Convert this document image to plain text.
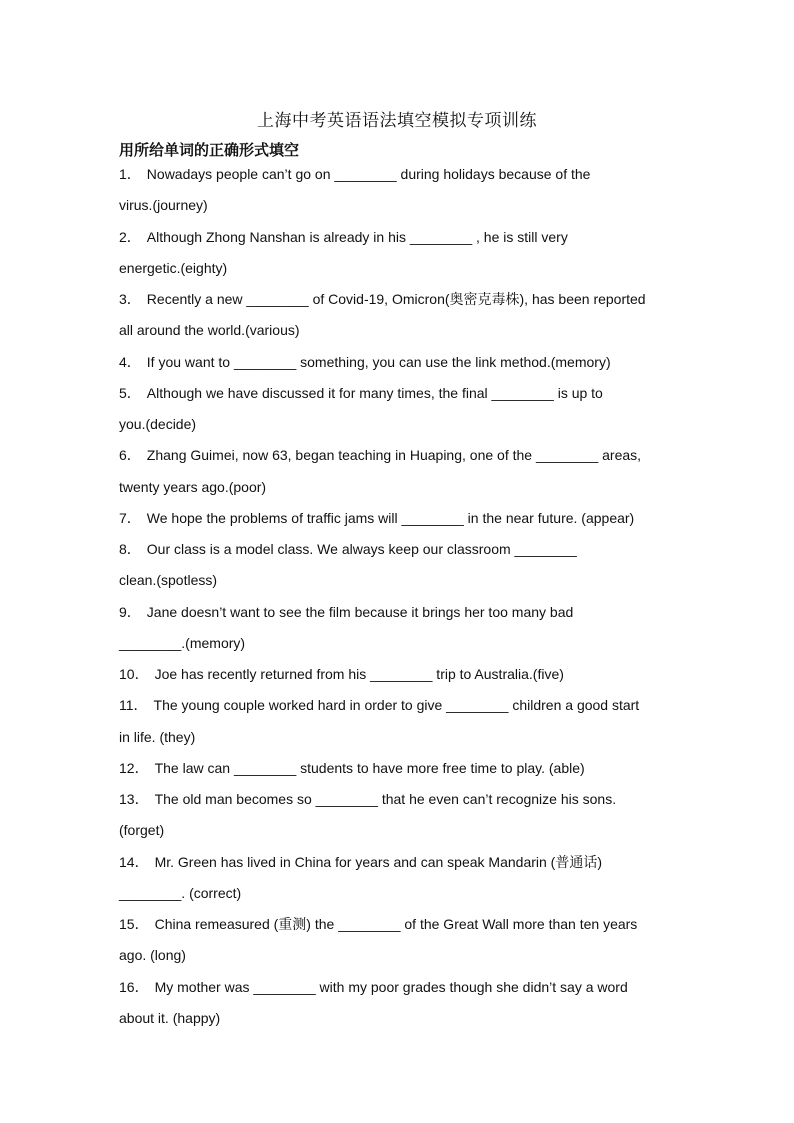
上海中考英语语法填空模拟专项训练
用所给单词的正确形式填空
1． Nowadays people can’t go on ________ during holidays because of the
virus.(journey)
2． Although Zhong Nanshan is already in his ________ , he is still very
energetic.(eighty)
3． Recently a new ________ of Covid-19, Omicron(奥密克毒株), has been reported
all around the world.(various)
4． If you want to ________ something, you can use the link method.(memory)
5． Although we have discussed it for many times, the final ________ is up to
you.(decide)
6． Zhang Guimei, now 63, began teaching in Huaping, one of the ________ areas,
twenty years ago.(poor)
7． We hope the problems of traffic jams will ________ in the near future. (appear)
8． Our class is a model class. We always keep our classroom ________
clean.(spotless)
9． Jane doesn’t want to see the film because it brings her too many bad
________.(memory)
10． Joe has recently returned from his ________ trip to Australia.(five)
11． The young couple worked hard in order to give ________ children a good start
in life. (they)
12． The law can ________ students to have more free time to play. (able)
13． The old man becomes so ________ that he even can’t recognize his sons.
(forget)
14． Mr. Green has lived in China for years and can speak Mandarin (普通话)
________. (correct)
15． China remeasured (重测) the ________ of the Great Wall more than ten years
ago. (long)
16． My mother was ________ with my poor grades though she didn’t say a word
about it. (happy)
